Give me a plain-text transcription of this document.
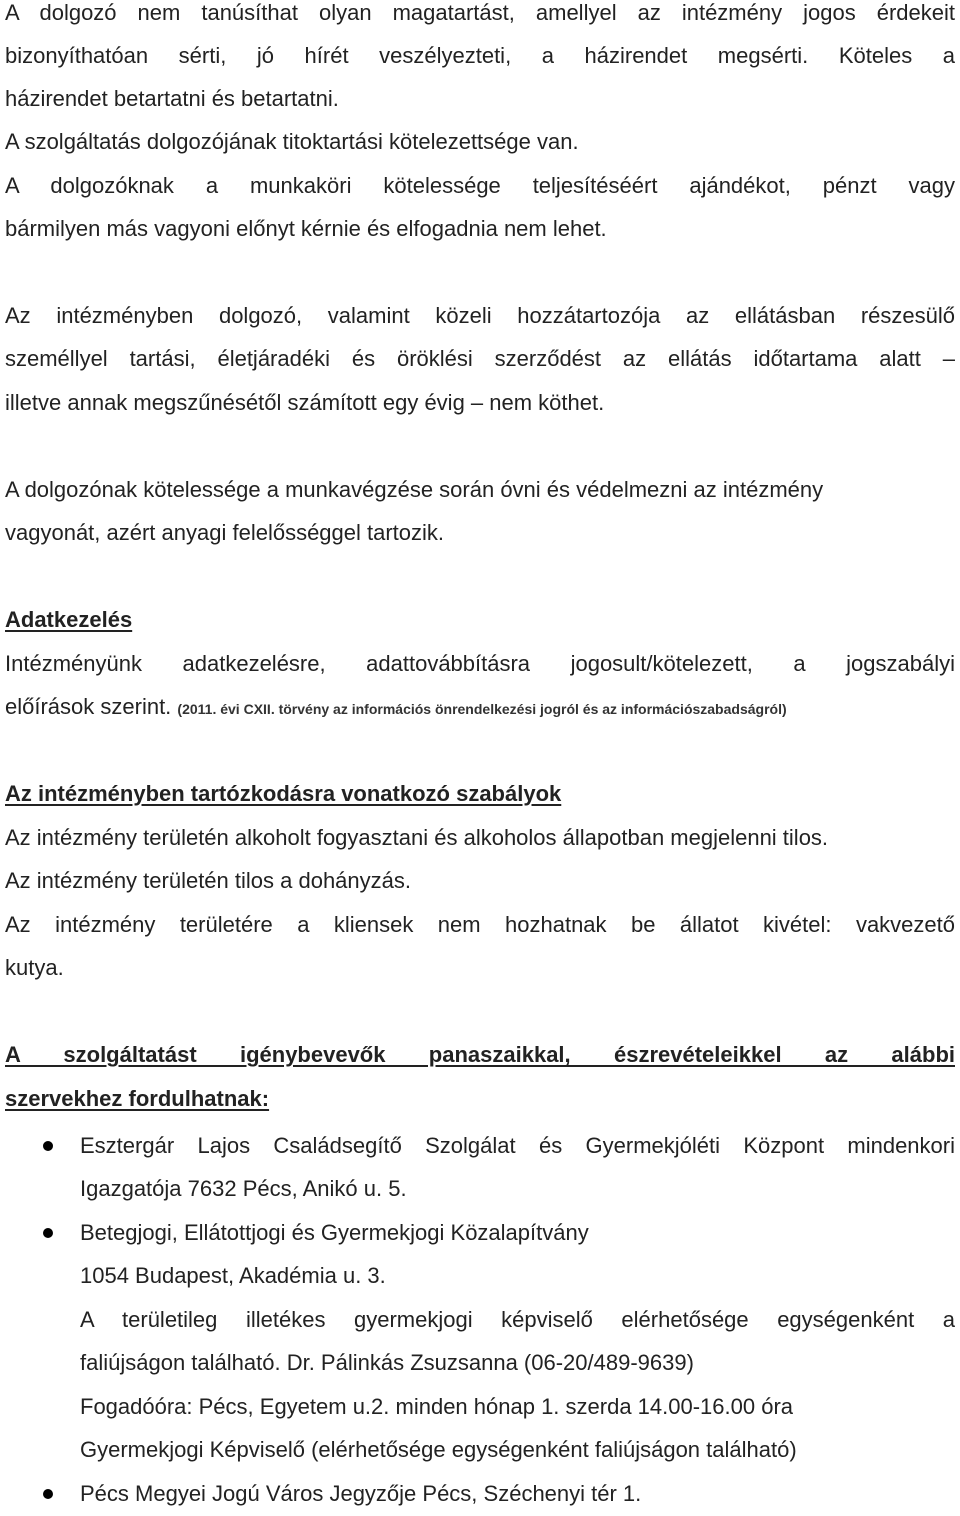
A dolgozó nem tanúsíthat olyan magatartást, amellyel az intézmény jogos érdekeit
bizonyíthatóan sérti, jó hírét veszélyezteti, a házirendet megsérti. Köteles a
házirendet betartatni és betartatni.
A szolgáltatás dolgozójának titoktartási kötelezettsége van.
A dolgozóknak a munkaköri kötelessége teljesítéséért ajándékot, pénzt vagy
bármilyen más vagyoni előnyt kérnie és elfogadnia nem lehet.
Az intézményben dolgozó, valamint közeli hozzátartozója az ellátásban részesülő
személlyel tartási, életjáradéki és öröklési szerződést az ellátás időtartama alatt –
illetve annak megszűnésétől számított egy évig – nem köthet.
A dolgozónak kötelessége a munkavégzése során óvni és védelmezni az intézmény
vagyonát, azért anyagi felelősséggel tartozik.
Adatkezelés
Intézményünk adatkezelésre, adattovábbításra jogosult/kötelezett, a jogszabályi
előírások szerint. (2011. évi CXII. törvény az információs önrendelkezési jogról és az információszabadságról)
Az intézményben tartózkodásra vonatkozó szabályok
Az intézmény területén alkoholt fogyasztani és alkoholos állapotban megjelenni tilos.
Az intézmény területén tilos a dohányzás.
Az intézmény területére a kliensek nem hozhatnak be állatot kivétel: vakvezető
kutya.
A szolgáltatást igénybevevők panaszaikkal, észrevételeikkel az alábbi
szervekhez fordulhatnak:
Esztergár Lajos Családsegítő Szolgálat és Gyermekjóléti Központ mindenkori
Igazgatója 7632 Pécs, Anikó u. 5.
Betegjogi, Ellátottjogi és Gyermekjogi Közalapítvány
1054 Budapest, Akadémia u. 3.
A területileg illetékes gyermekjogi képviselő elérhetősége egységenként a
faliújságon található. Dr. Pálinkás Zsuzsanna (06-20/489-9639)
Fogadóóra: Pécs, Egyetem u.2. minden hónap 1. szerda 14.00-16.00 óra
Gyermekjogi Képviselő (elérhetősége egységenként faliújságon található)
Pécs Megyei Jogú Város Jegyzője Pécs, Széchenyi tér 1.
